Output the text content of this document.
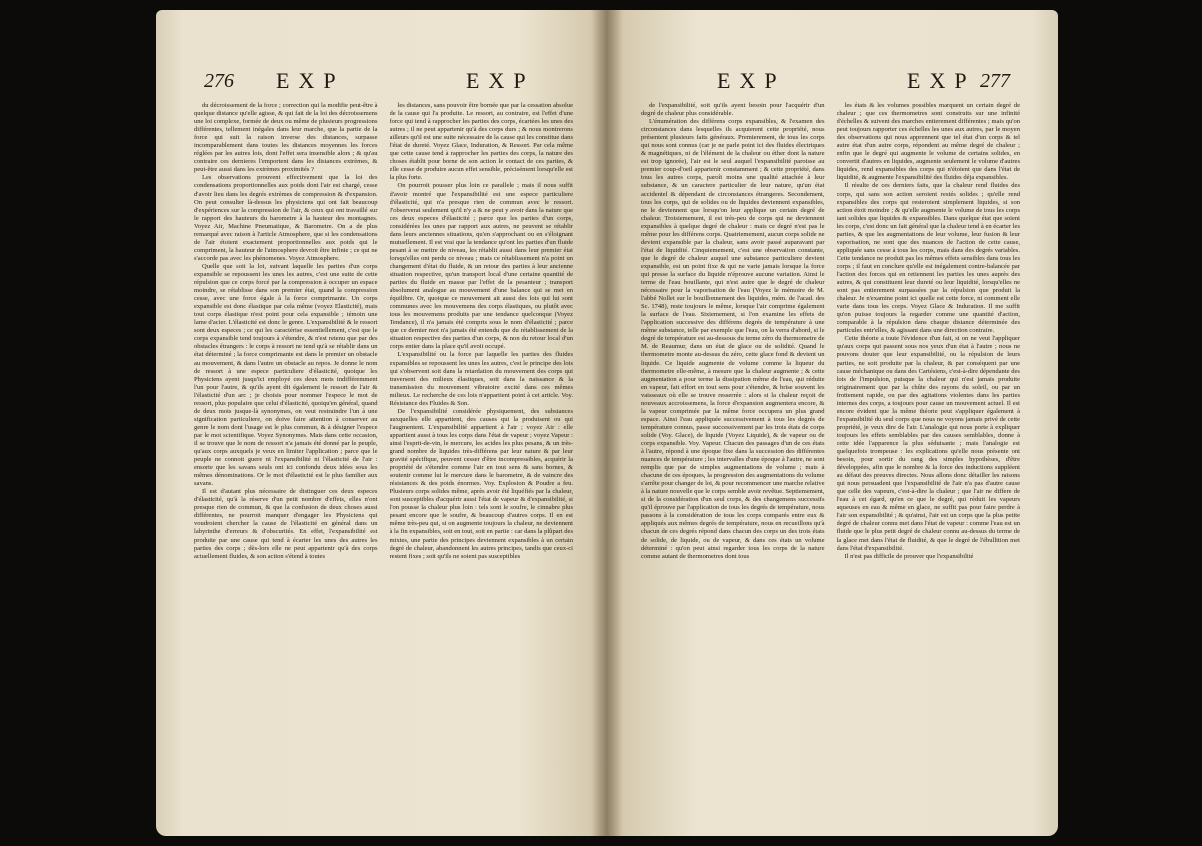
276 EXP	EXP

du décroissement de la force ; correction qui la modifie peut-être à quelque distance qu'elle agisse, & qui fait de la loi des décroissemens une loi complexe, formée de deux ou même de plusieurs progressions différentes, tellement inégales dans leur marche, que la partie de la force qui suit la raison inverse des distances, surpasse incomparablement dans toutes les distances moyennes les forces réglées par les autres lois, dont l'effet sera insensible alors ; & qu'au contraire ces dernieres l'emportent dans les distances extrèmes, & peut-être aussi dans les extrèmes proximités ?

Les observations prouvent effectivement que la loi des condensations proportionnelles aux poids dont l'air est chargé, cesse d'avoir lieu dans les degrés extrèmes de compression & d'expansion. On peut consulter là-dessus les physiciens qui ont fait beaucoup d'expériences sur la compression de l'air, & ceux qui ont travaillé sur le rapport des hauteurs du barometre à la hauteur des montagnes. Voyez Air, Machine Pneumatique, & Barometre. On a de plus remarqué avec raison à l'article Atmosphere, que si les condensations de l'air étoient exactement proportionnelles aux poids qui le compriment, la hauteur de l'atmosphere devroit être infinie ; ce qui ne s'accorde pas avec les phénomenes. Voyez Atmosphere.

Quelle que soit la loi, suivant laquelle les parties d'un corps expansible se repoussent les unes les autres, c'est une suite de cette répulsion que ce corps forcé par la compression à occuper un espace moindre, se rétablisse dans son premier état, quand la compression cesse, avec une force égale à la force comprimante. Un corps expansible est donc élastique par cela même (voyez Elasticité), mais tout corps élastique n'est point pour cela expansible ; témoin une lame d'acier. L'élasticité est donc le genre. L'expansibilité & le ressort sont deux especes ; ce qui les caractérise essentiellement, c'est que le corps expansible tend toujours à s'étendre, & n'est retenu que par des obstacles étrangers : le corps à ressort ne tend qu'à se rétablir dans un état déterminé ; la force comprimante est dans le premier un obstacle au mouvement, & dans l'autre un obstacle au repos. Je donne le nom de ressort à une espece particuliere d'élasticité, quoique les Physiciens ayent jusqu'ici employé ces deux mots indifféremment l'un pour l'autre, & qu'ils ayent dit également le ressort de l'air & l'élasticité d'un arc ; je choisis pour nommer l'espece le mot de ressort, plus populaire que celui d'élasticité, quoiqu'en général, quand de deux mots jusque-là synonymes, on veut restraindre l'un à une signification particuliere, on doive faire attention à conserver au genre le nom dont l'usage est le plus commun, & à désigner l'espece par le mot scientifique. Voyez Synonymes. Mais dans cette occasion, il se trouve que le nom de ressort n'a jamais été donné par le peuple, qu'aux corps auxquels je veux en limiter l'application ; parce que le peuple ne connoit guere ni l'expansibilité ni l'élasticité de l'air : ensorte que les savans seuls ont ici confondu deux idées sous les mêmes dénominations. Or le mot d'élasticité est le plus familier aux savans.

Il est d'autant plus nécessaire de distinguer ces deux especes d'élasticité, qu'à la réserve d'un petit nombre d'effets, elles n'ont presque rien de commun, & que la confusion de deux choses aussi différentes, ne pourroit manquer d'engager les Physiciens qui voudroient chercher la cause de l'élasticité en général dans un labyrinthe d'erreurs & d'obscurités. En effet, l'expansibilité est produite par une cause qui tend à écarter les unes des autres les parties des corps ; dès-lors elle ne peut appartenir qu'à des corps actuellement fluides, & son action s'étend à toutes

les distances, sans pouvoir être bornée que par la cessation absolue de la cause qui l'a produite. Le ressort, au contraire, est l'effet d'une force qui tend à rapprocher les parties des corps, écartées les unes des autres ; il ne peut appartenir qu'à des corps durs ; & nous montrerons ailleurs qu'il est une suite nécessaire de la cause qui les constitue dans l'état de dureté. Voyez Glace, Induration, & Ressort. Par cela même que cette cause tend à rapprocher les parties des corps, la nature des choses établit pour borne de son action le contact de ces parties, & elle cesse de produire aucun effet sensible, précisément lorsqu'elle est la plus forte.

On pourroit pousser plus loin ce parallele ; mais il nous suffit d'avoir montré que l'expansibilité est une espece particuliere d'élasticité, qui n'a presque rien de commun avec le ressort. J'observerai seulement qu'il n'y a & ne peut y avoir dans la nature que ces deux especes d'élasticité ; parce que les parties d'un corps, considérées les unes par rapport aux autres, ne peuvent se rétablir dans leurs anciennes situations, qu'en s'approchant ou en s'éloignant mutuellement. Il est vrai que la tendance qu'ont les parties d'un fluide pesant à se mettre de niveau, les rétablit aussi dans leur premier état lorsqu'elles ont perdu ce niveau ; mais ce rétablissement n'a point un changement d'état du fluide, & un retour des parties à leur ancienne situation respective, qu'un transport local d'une certaine quantité de parties du fluide en masse par l'effet de la pesanteur ; transport absolument analogue au mouvement d'une balance qui se met en équilibre. Or, quoique ce mouvement ait aussi des lois qui lui sont communes avec les mouvemens des corps élastiques, ou plutôt avec tous les mouvemens produits par une tendance quelconque (Voyez Tendance), il n'a jamais été compris sous le nom d'élasticité ; parce que ce dernier mot n'a jamais été entendu que du rétablissement de la situation respective des parties d'un corps, & non du retour local d'un corps entier dans la place qu'il avoit occupé.

L'expansibilité ou la force par laquelle les parties des fluides expansibles se repoussent les unes les autres, c'est le principe des lois qui s'observent soit dans la retardation du mouvement des corps qui traversent des milieux élastiques, soit dans la naissance & la transmission du mouvement vibratoire excité dans ces mêmes milieux. Le recherche de ces lois n'appartient point à cet article. Voy. Résistance des Fluides & Son.

De l'expansibilité considérée physiquement, des substances auxquelles elle appartient, des causes qui la produisent ou qui l'augmentent. L'expansibilité appartient à l'air ; voyez Air : elle appartient aussi à tous les corps dans l'état de vapeur ; voyez Vapeur : ainsi l'esprit-de-vin, le mercure, les acides les plus pesans, & un très-grand nombre de liquides très-différens par leur nature & par leur gravité spécifique, peuvent cesser d'être incompressibles, acquérir la propriété de s'étendre comme l'air en tout sens & sans bornes, & soutenir comme lui le mercure dans le barometre, & de vaincre des résistances & des poids énormes. Voy. Explosion & Poudre a feu. Plusieurs corps solides même, après avoir été liquéfiés par la chaleur, sont susceptibles d'acquérir aussi l'état de vapeur & d'expansibilité, si l'on pousse la chaleur plus loin : tels sont le soufre, le cinnabre plus pesant encore que le soufre, & beaucoup d'autres corps. Il en est même très-peu qui, si on augmente toujours la chaleur, ne deviennent à la fin expansibles, soit en tout, soit en partie : car dans la plûpart des mixtes, une partie des principes deviennent expansibles à un certain degré de chaleur, abandonnent les autres principes, tandis que ceux-ci restent fixes ; soit qu'ils ne soient pas susceptibles

EXP	EXP 277

de l'expansibilité, soit qu'ils ayent besoin pour l'acquérir d'un degré de chaleur plus considérable.

L'énumération des différens corps expansibles, & l'examen des circonstances dans lesquelles ils acquierent cette propriété, nous présentent plusieurs faits généraux. Premierement, de tous les corps qui nous sont connus (car je ne parle point ici des fluides électriques & magnétiques, ni de l'élément de la chaleur ou éther dont la nature est trop ignorée), l'air est le seul auquel l'expansibilité paroisse au premier coup-d'oeil appartenir constamment ; & cette propriété, dans tous les autres corps, paroît moins une qualité attachée à leur substance, & un caractere particulier de leur nature, qu'un état accidentel & dépendant de circonstances étrangeres. Secondement, tous les corps, qui de solides ou de liquides deviennent expansibles, ne le deviennent que lorsqu'on leur applique un certain degré de chaleur. Troisiemement, il est très-peu de corps qui ne deviennent expansibles à quelque degré de chaleur : mais ce degré n'est pas le même pour les différens corps. Quatriemement, aucun corps solide ne devient expansible par la chaleur, sans avoir passé auparavant par l'état de liquidité. Cinquiemement, c'est une observation constante, que le degré de chaleur auquel une substance particuliere devient expansible, est un point fixe & qui ne varie jamais lorsque la force qui presse la surface du liquide n'éprouve aucune variation. Ainsi le terme de l'eau bouillante, qui n'est autre que le degré de chaleur nécessaire pour la vaporisation de l'eau (Voyez le mémoire de M. l'abbé Nollet sur le bouillonnement des liquides, mém. de l'acad. des Sc. 1748), reste toujours le même, lorsque l'air comprime également la surface de l'eau. Sixiemement, si l'on examine les effets de l'application successive des différens degrés de température à une même substance, telle par exemple que l'eau, on la verra d'abord, si le degré de température est au-dessous du terme zéro du thermometre de M. de Reaumur, dans un état de glace ou de solidité. Quand le thermometre monte au-dessus du zéro, cette glace fond & devient un liquide. Ce liquide augmente de volume comme la liqueur du thermometre elle-même, à mesure que la chaleur augmente ; & cette augmentation a pour terme la dissipation même de l'eau, qui réduite en vapeur, fait effort en tout sens pour s'étendre, & brise souvent les vaisseaux où elle se trouve resserrée : alors si la chaleur reçoit de nouveaux accroissemens, la force d'expansion augmentera encore, & la vapeur comprimée par la même force occupera un plus grand espace. Ainsi l'eau appliquée successivement à tous les degrés de température connus, passe successivement par les trois états de corps solide (Voy. Glace), de liquide (Voyez Liquide), & de vapeur ou de corps expansible. Voy. Vapeur. Chacun des passages d'un de ces états à l'autre, répond à une époque fixe dans la succession des différentes nuances de température ; les intervalles d'une époque à l'autre, ne sont remplis que par de simples augmentations de volume ; mais à chacune de ces époques, la progression des augmentations du volume s'arrête pour changer de loi, & pour recommencer une marche relative à la nature nouvelle que le corps semble avoir revêtue. Septiemement, si de la considération d'un seul corps, & des changemens successifs qu'il éprouve par l'application de tous les degrés de température, nous passons à la considération de tous les corps comparés entre eux & appliqués aux mêmes degrés de température, nous en recueillons qu'à chacun de ces degrés répond dans chacun des corps un des trois états de solide, de liquide, ou de vapeur, & dans ces états un volume déterminé : qu'on peut ainsi regarder tous les corps de la nature comme autant de thermometres dont tous

les états & les volumes possibles marquent un certain degré de chaleur ; que ces thermometres sont construits sur une infinité d'échelles & suivent des marches entierement différentes ; mais qu'on peut toujours rapporter ces échelles les unes aux autres, par le moyen des observations qui nous apprennent que tel état d'un corps & tel autre état d'un autre corps, répondent au même degré de chaleur ; enfin que le degré qui augmente le volume de certains solides, en convertit d'autres en liquides, augmente seulement le volume d'autres liquides, rend expansibles des corps qui n'étoient que dans l'état de liquidité, & augmente l'expansibilité des fluides déja expansibles.

Il résulte de ces derniers faits, que la chaleur rend fluides des corps, qui sans son action seroient restés solides ; qu'elle rend expansibles des corps qui resteroient simplement liquides, si son action étoit moindre ; & qu'elle augmente le volume de tous les corps tant solides que liquides & expansibles. Dans quelque état que soient les corps, c'est donc un fait général que la chaleur tend à en écarter les parties, & que les augmentations de leur volume, leur fusion & leur vaporisation, ne sont que des nuances de l'action de cette cause, appliquée sans cesse à tous les corps, mais dans des degrés variables. Cette tendance ne produit pas les mêmes effets sensibles dans tous les corps ; il faut en conclure qu'elle est inégalement contre-balancée par l'action des forces qui en retiennent les parties les unes auprès des autres, & qui constituent leur dureté ou leur liquidité, lorsqu'elles ne sont pas entierement surpassées par la répulsion que produit la chaleur. Je n'examine point ici quelle est cette force, ni comment elle varie dans tous les corps. Voyez Glace & Induration. Il me suffit qu'on puisse toujours la regarder comme une quantité d'action, comparable à la répulsion dans chaque distance déterminée des particules entr'elles, & agissant dans une direction contraire.

Cette théorie a toute l'évidence d'un fait, si on ne veut l'appliquer qu'aux corps qui passent sous nos yeux d'un état à l'autre ; nous ne pouvons douter que leur expansibilité, ou la répulsion de leurs parties, ne soit produite par la chaleur, & par conséquent par une cause méchanique ou dans des Cartésiens, c'est-à-dire dépendante des lois de l'impulsion, puisque la chaleur qui n'est jamais produite originairement que par la chûte des rayons du soleil, ou par un frottement rapide, ou par des agitations violentes dans les parties internes des corps, a toujours pour cause un mouvement actuel. Il est encore évident que la même théorie peut s'appliquer également à l'expansibilité du seul corps que nous ne voyons jamais privé de cette propriété, je veux dire de l'air. L'analogie qui nous porte à expliquer toujours les effets semblables par des causes semblables, donne à cette idée l'apparence la plus séduisante ; mais l'analogie est quelquefois trompeuse : les explications qu'elle nous présente ont besoin, pour sortir du rang des simples hypothèses, d'être développées, afin que le nombre & la force des inductions suppléent au défaut des preuves directes. Nous allons donc détailler les raisons qui nous persuadent que l'expansibilité de l'air n'a pas d'autre cause que celle des vapeurs, c'est-à-dire la chaleur ; que l'air ne differe de l'eau à cet égard, qu'en ce que le degré, qui réduit les vapeurs aqueuses en eau & même en glace, ne suffit pas pour faire perdre à l'air son expansibilité ; & qu'ainsi, l'air est un corps que la plus petite degré de chaleur connu met dans l'état de vapeur : comme l'eau est un fluide que le plus petit degré de chaleur connu au-dessus du terme de la glace met dans l'état de fluidité, & que le degré de l'ébullition met dans l'état d'expansibilité.

Il n'est pas difficile de prouver que l'expansibilité
